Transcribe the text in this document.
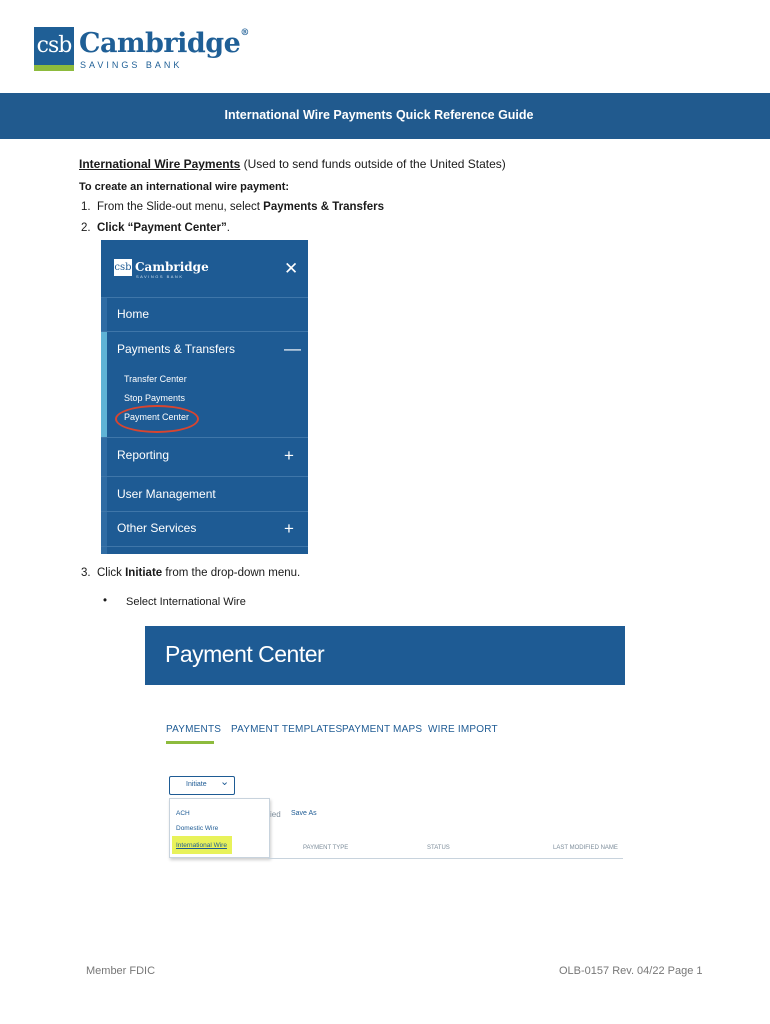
csb Cambridge®
SAVINGS BANK
International Wire Payments Quick Reference Guide
International Wire Payments (Used to send funds outside of the United States)
To create an international wire payment:
1. From the Slide-out menu, select Payments & Transfers
2. Click “Payment Center”.
csb Cambridge
SAVINGS BANK	✕
Home
Payments & Transfers	—
Transfer Center
Stop Payments
Payment Center
Reporting	+
User Management
Other Services	+
3. Click Initiate from the drop-down menu.
• Select International Wire
Payment Center
PAYMENTS PAYMENT TEMPLATES PAYMENT MAPS WIRE IMPORT
Initiate ⌄
ACH
Domestic Wire
International Wire
ied Save As
PAYMENT TYPE	STATUS	LAST MODIFIED NAME
Member FDIC	OLB-0157 Rev. 04/22 Page 1
